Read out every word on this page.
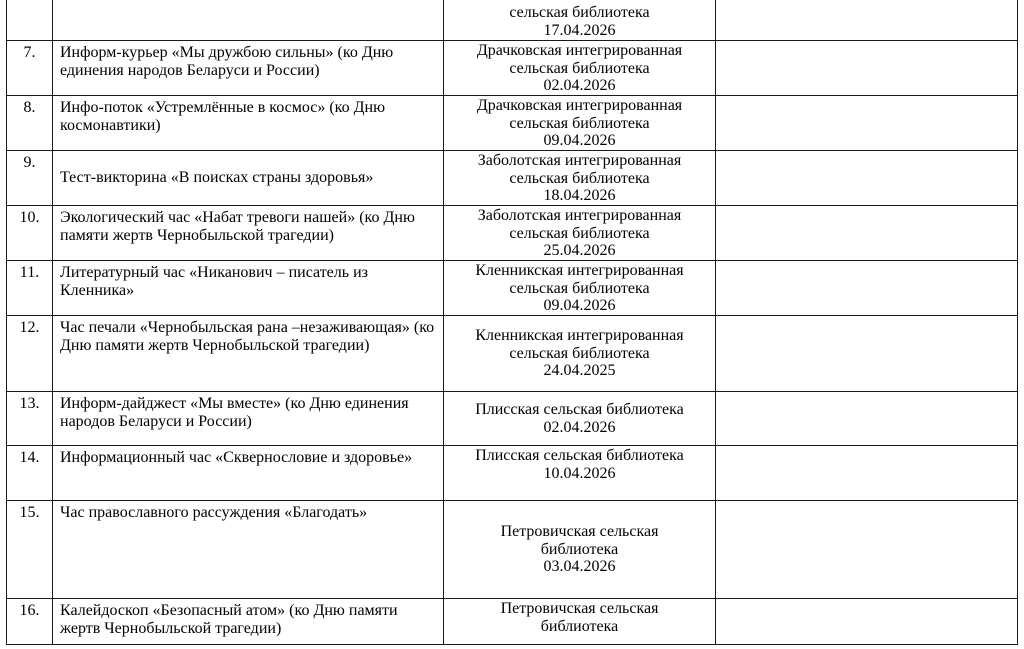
		сельская библиотека
17.04.2026	

7.	Информ-курьер «Мы дружбою сильны» (ко Дню единения народов Беларуси и России)	Драчковская интегрированная
сельская библиотека
02.04.2026	

8.	Инфо-поток «Устремлённые в космос» (ко Дню космонавтики)	Драчковская интегрированная
сельская библиотека
09.04.2026	

9.	Тест-викторина «В поисках страны здоровья»	Заболотская интегрированная
сельская библиотека
18.04.2026	

10.	Экологический час «Набат тревоги нашей» (ко Дню памяти жертв Чернобыльской трагедии)	Заболотская интегрированная
сельская библиотека
25.04.2026	

11.	Литературный час «Никанович – писатель из Кленника»	Кленникская интегрированная
сельская библиотека
09.04.2026	

12.	Час печали «Чернобыльская рана –незаживающая» (ко Дню памяти жертв Чернобыльской трагедии)	Кленникская интегрированная
сельская библиотека
24.04.2025	

13.	Информ-дайджест «Мы вместе» (ко Дню единения народов Беларуси и России)	Плисская сельская библиотека
02.04.2026	

14.	Информационный час «Сквернословие и здоровье»	Плисская сельская библиотека
10.04.2026	

15.	Час православного рассуждения «Благодать»	Петровичская сельская
библиотека
03.04.2026	

16.	Калейдоскоп «Безопасный атом» (ко Дню памяти жертв Чернобыльской трагедии)	Петровичская сельская
библиотека	
